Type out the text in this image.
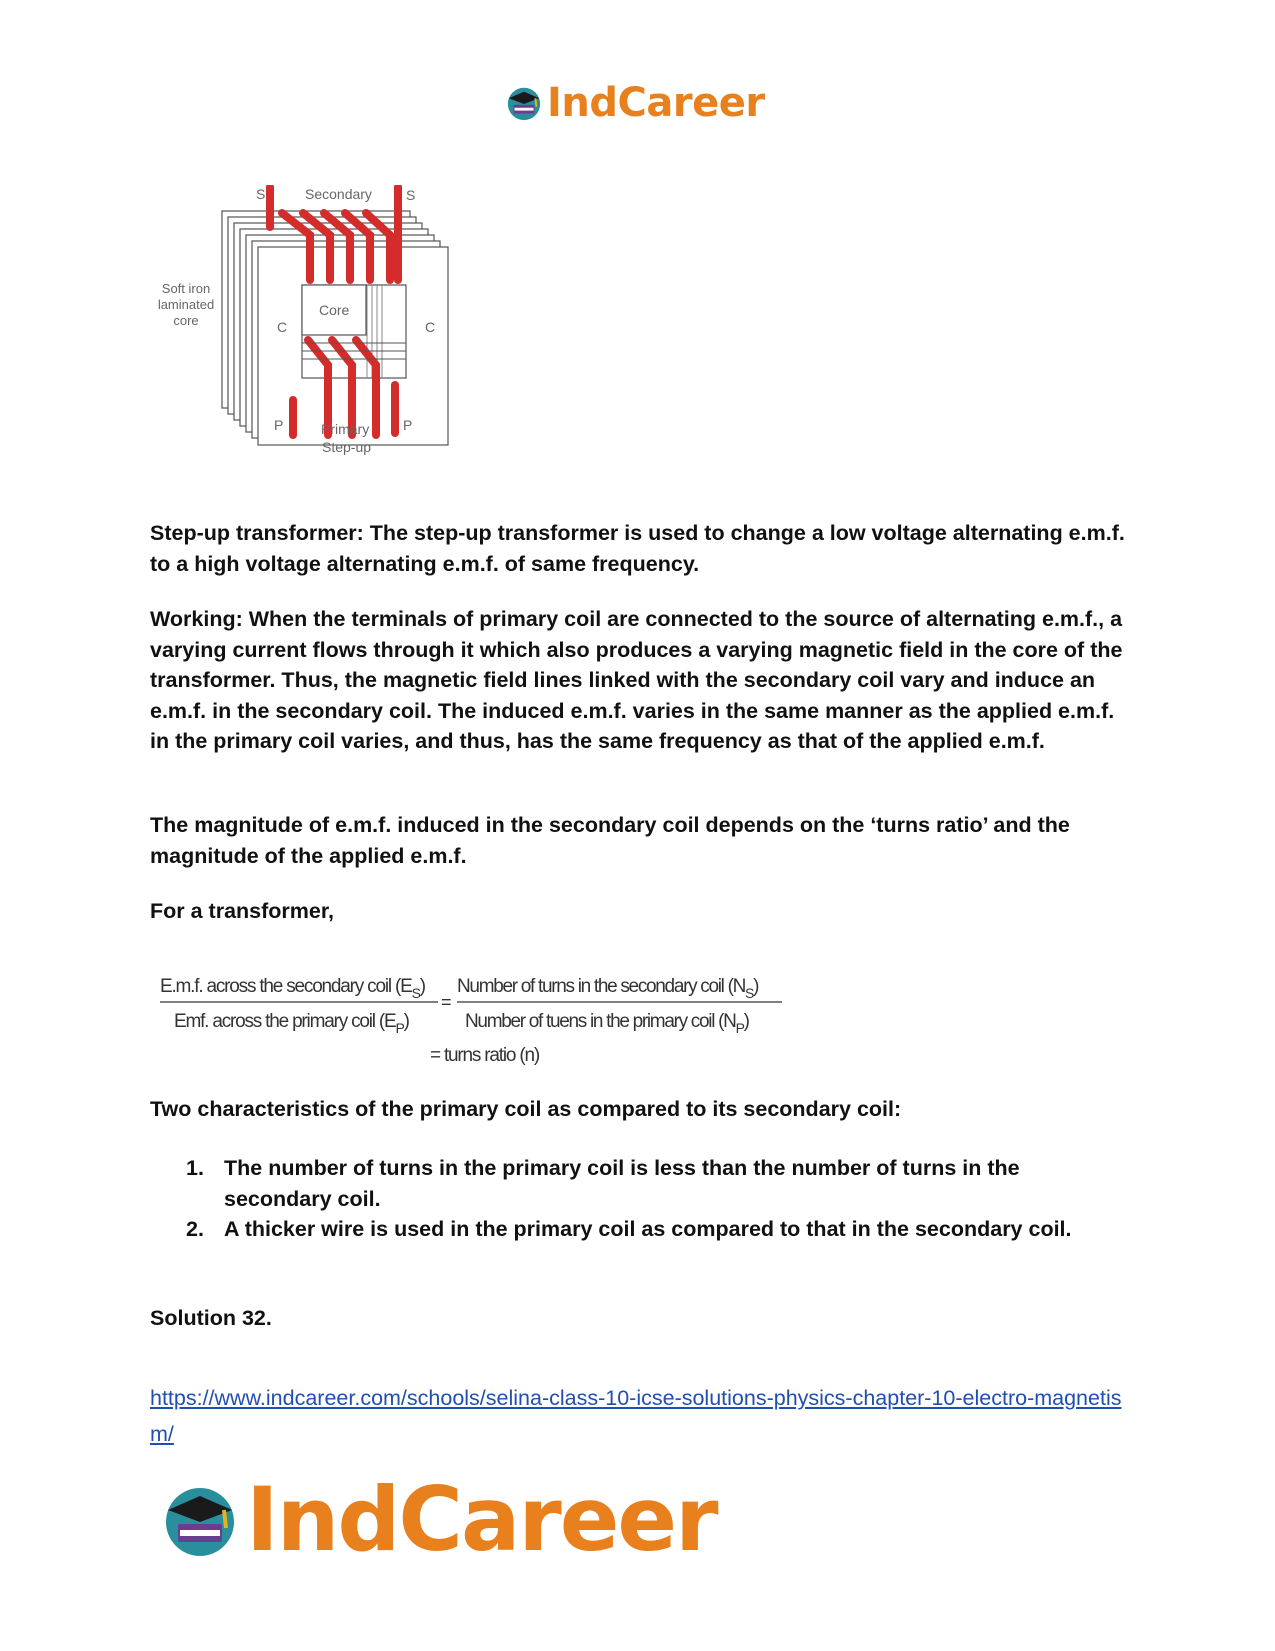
IndCareer
S	Secondary S
Soft iron
laminated
core
Core
C	C
P	P
Primary
Step-up

Step-up transformer: The step-up transformer is used to change a low voltage alternating e.m.f. to a high voltage alternating e.m.f. of same frequency.

Working: When the terminals of primary coil are connected to the source of alternating e.m.f., a varying current flows through it which also produces a varying magnetic field in the core of the transformer. Thus, the magnetic field lines linked with the secondary coil vary and induce an e.m.f. in the secondary coil. The induced e.m.f. varies in the same manner as the applied e.m.f. in the primary coil varies, and thus, has the same frequency as that of the applied e.m.f.

The magnitude of e.m.f. induced in the secondary coil depends on the ‘turns ratio’ and the magnitude of the applied e.m.f.

For a transformer,

E.m.f. across the secondary coil $(E_S)$
Emf. across the primary coil $(E_P)$
=
Number of turns in the secondary coil $(N_S)$
Number of tuens in the primary coil $(N_P)$
= turns ratio (n)

Two characteristics of the primary coil as compared to its secondary coil:

1. The number of turns in the primary coil is less than the number of turns in the secondary coil.
2. A thicker wire is used in the primary coil as compared to that in the secondary coil.

Solution 32.

https://www.indcareer.com/schools/selina-class-10-icse-solutions-physics-chapter-10-electro-magnetism/
IndCareer
